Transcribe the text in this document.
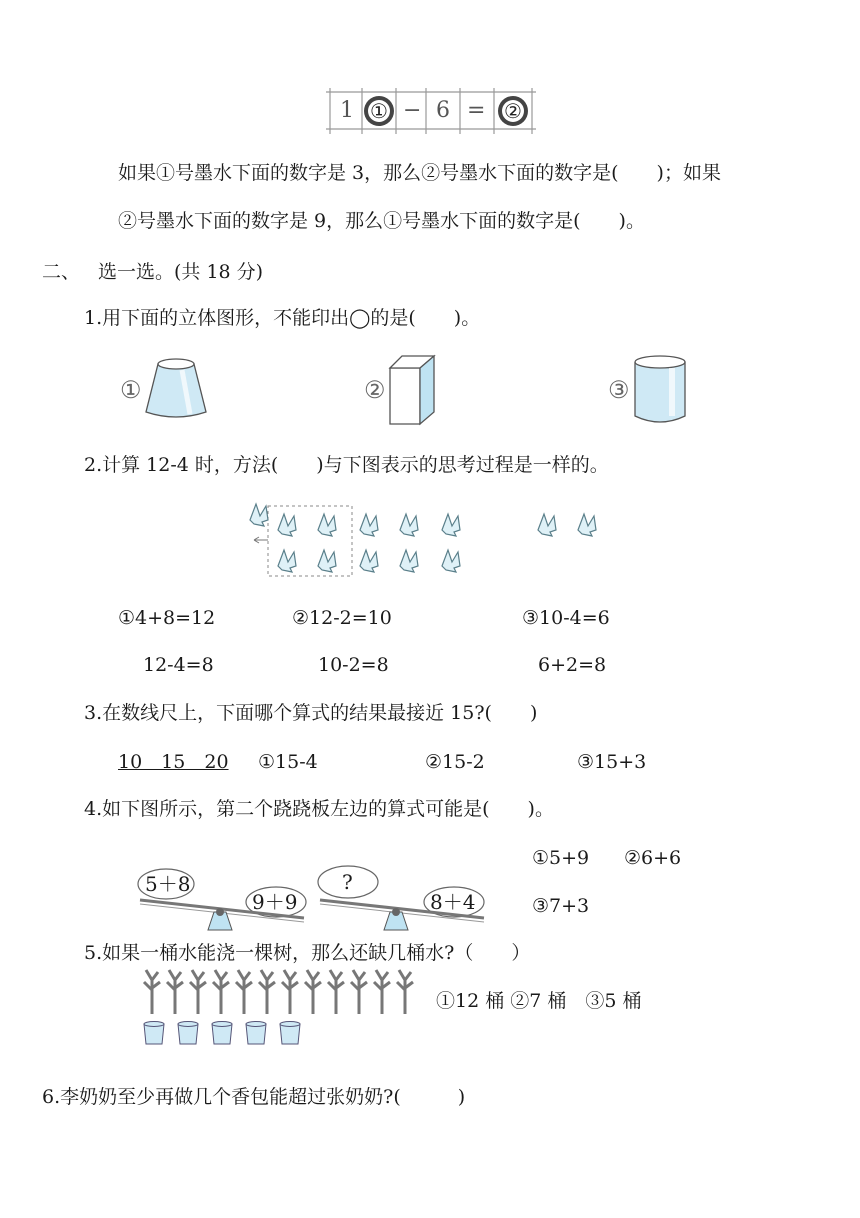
①	②
1 − 6 =
如果①号墨水下面的数字是 3，那么②号墨水下面的数字是(　　)；如果
②号墨水下面的数字是 9，那么①号墨水下面的数字是(　　)。
二、 选一选。(共 18 分)
1.用下面的立体图形，不能印出◯的是(　　)。
①	②	③
2.计算 12-4 时，方法(　　)与下图表示的思考过程是一样的。
①4+8=12	②12-2=10	③10-4=6
12-4=8	10-2=8	6+2=8
3.在数线尺上，下面哪个算式的结果最接近 15?(　　)
10　15　20 ①15-4	②15-2	③15+3
4.如下图所示，第二个跷跷板左边的算式可能是(　　)。
①5+9 ②6+6
③7+3
5＋8
9＋9
?
8＋4
5.如果一桶水能浇一棵树，那么还缺几桶水?（　　）
①12 桶 ②7 桶　③5 桶
6.李奶奶至少再做几个香包能超过张奶奶?(　　　)
